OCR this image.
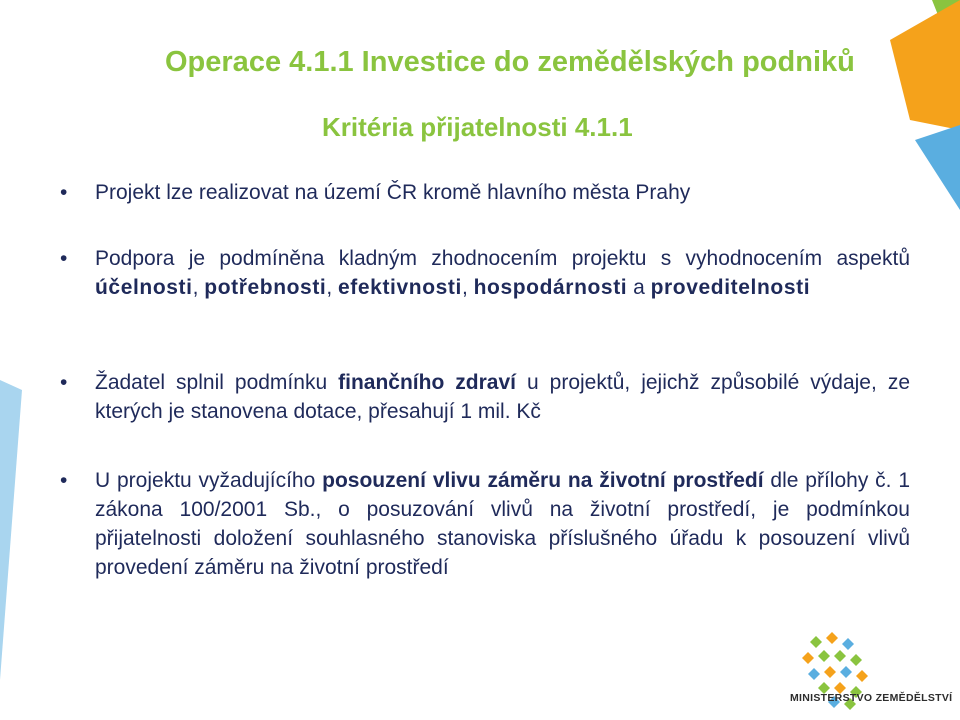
Operace 4.1.1 Investice do zemědělských podniků
Kritéria přijatelnosti 4.1.1
•	Projekt lze realizovat na území ČR kromě hlavního města Prahy
•	Podpora je podmíněna kladným zhodnocením projektu s vyhodnocením aspektů účelnosti, potřebnosti, efektivnosti, hospodárnosti a proveditelnosti
•	Žadatel splnil podmínku finančního zdraví u projektů, jejichž způsobilé výdaje, ze kterých je stanovena dotace, přesahují 1 mil. Kč
•	U projektu vyžadujícího posouzení vlivu záměru na životní prostředí dle přílohy č. 1 zákona 100/2001 Sb., o posuzování vlivů na životní prostředí, je podmínkou přijatelnosti doložení souhlasného stanoviska příslušného úřadu k posouzení vlivů provedení záměru na životní prostředí
MINISTERSTVO ZEMĚDĚLSTVÍ
